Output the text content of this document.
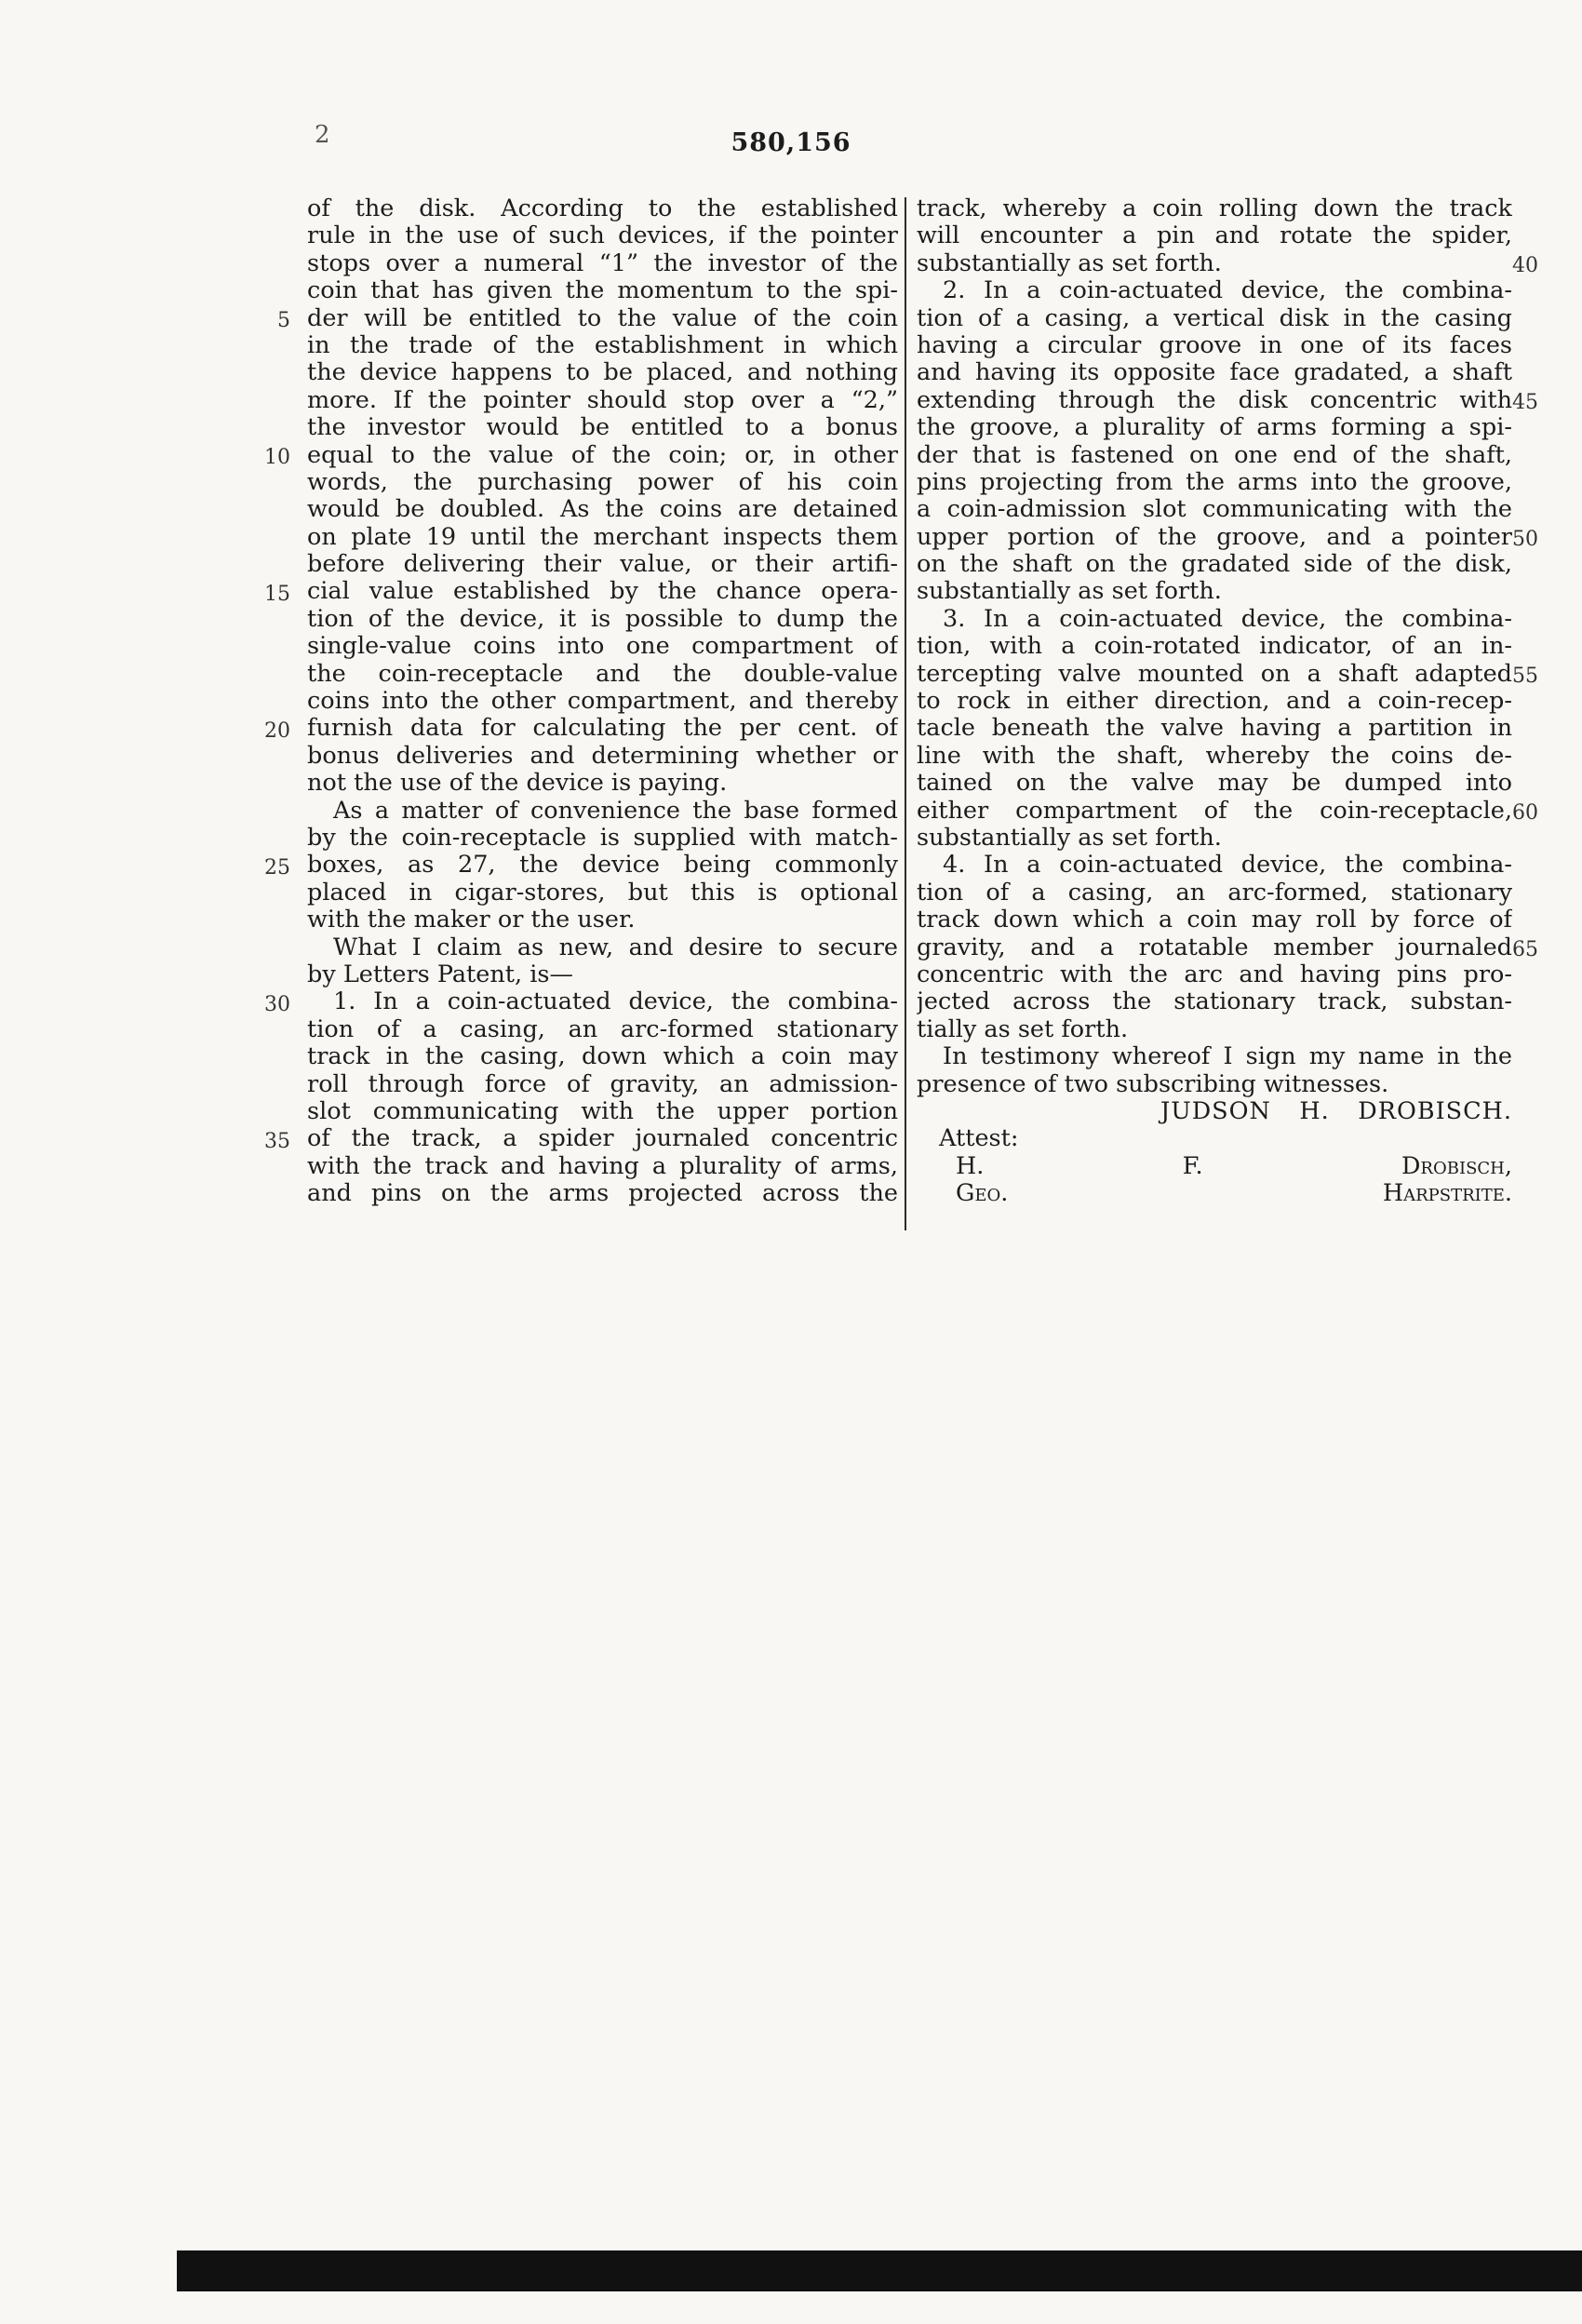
2	580,156
of the disk. According to the established
rule in the use of such devices, if the pointer
stops over a numeral “1” the investor of the
coin that has given the momentum to the spi-
der will be entitled to the value of the coin
in the trade of the establishment in which
the device happens to be placed, and nothing
more. If the pointer should stop over a “2,”
the investor would be entitled to a bonus
equal to the value of the coin; or, in other
words, the purchasing power of his coin
would be doubled. As the coins are detained
on plate 19 until the merchant inspects them
before delivering their value, or their artifi-
cial value established by the chance opera-
tion of the device, it is possible to dump the
single-value coins into one compartment of
the coin-receptacle and the double-value
coins into the other compartment, and thereby
furnish data for calculating the per cent. of
bonus deliveries and determining whether or
not the use of the device is paying.
As a matter of convenience the base formed
by the coin-receptacle is supplied with match-
boxes, as 27, the device being commonly
placed in cigar-stores, but this is optional
with the maker or the user.
What I claim as new, and desire to secure
by Letters Patent, is—
1. In a coin-actuated device, the combina-
tion of a casing, an arc-formed stationary
track in the casing, down which a coin may
roll through force of gravity, an admission-
slot communicating with the upper portion
of the track, a spider journaled concentric
with the track and having a plurality of arms,
and pins on the arms projected across the
track, whereby a coin rolling down the track
will encounter a pin and rotate the spider,
substantially as set forth.
2. In a coin-actuated device, the combina-
tion of a casing, a vertical disk in the casing
having a circular groove in one of its faces
and having its opposite face gradated, a shaft
extending through the disk concentric with
the groove, a plurality of arms forming a spi-
der that is fastened on one end of the shaft,
pins projecting from the arms into the groove,
a coin-admission slot communicating with the
upper portion of the groove, and a pointer
on the shaft on the gradated side of the disk,
substantially as set forth.
3. In a coin-actuated device, the combina-
tion, with a coin-rotated indicator, of an in-
tercepting valve mounted on a shaft adapted
to rock in either direction, and a coin-recep-
tacle beneath the valve having a partition in
line with the shaft, whereby the coins de-
tained on the valve may be dumped into
either compartment of the coin-receptacle,
substantially as set forth.
4. In a coin-actuated device, the combina-
tion of a casing, an arc-formed, stationary
track down which a coin may roll by force of
gravity, and a rotatable member journaled
concentric with the arc and having pins pro-
jected across the stationary track, substan-
tially as set forth.
In testimony whereof I sign my name in the
presence of two subscribing witnesses.
JUDSON H. DROBISCH.
Attest:
H. F. Drobisch,
Geo. Harpstrite.
5
10
15
20
25
30
35
40
45
50
55
60
65
